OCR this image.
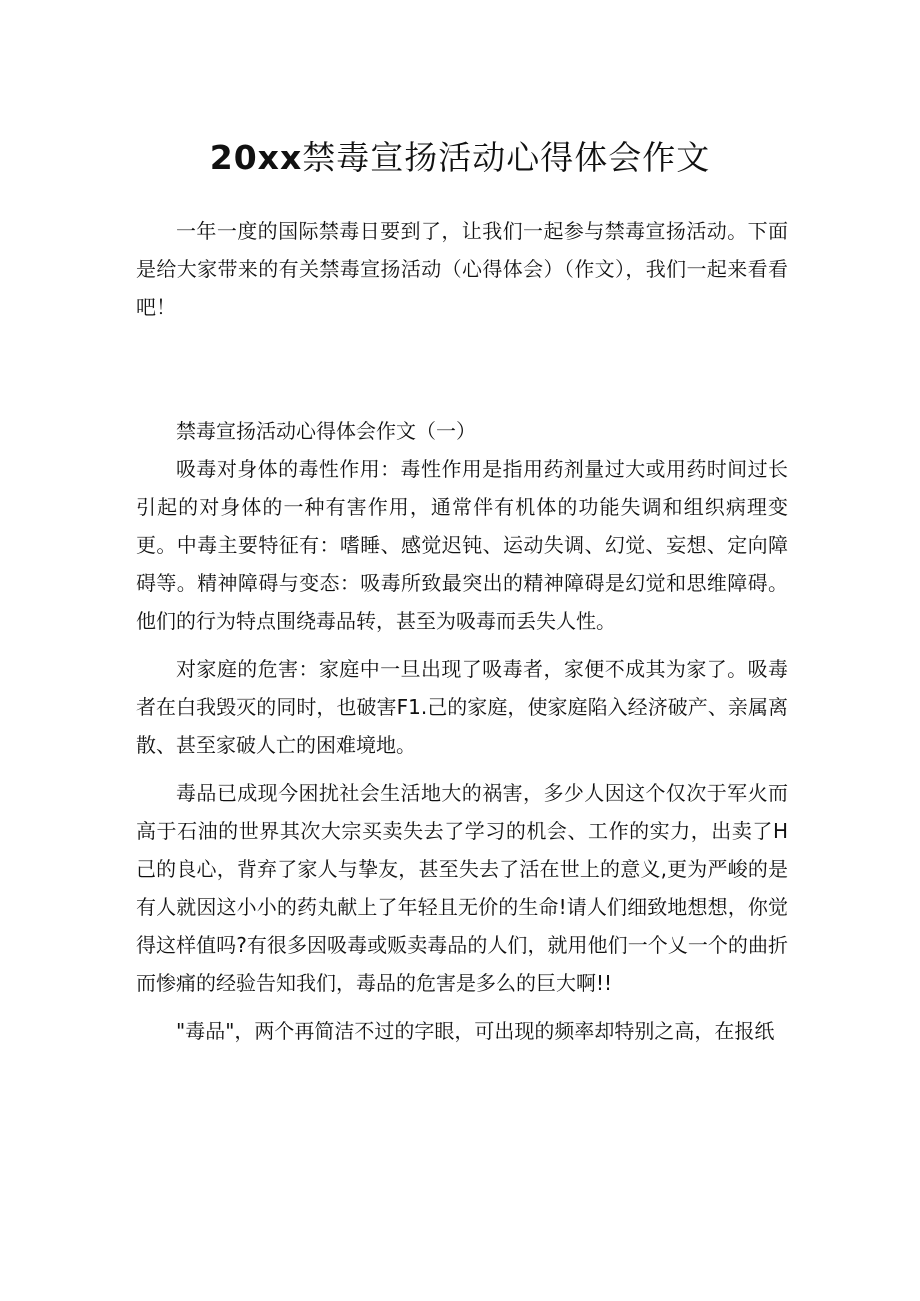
20xx禁毒宣扬活动心得体会作文

一年一度的国际禁毒日要到了，让我们一起参与禁毒宣扬活动。下面是给大家带来的有关禁毒宣扬活动（心得体会）（作文），我们一起来看看吧！

禁毒宣扬活动心得体会作文（一）

吸毒对身体的毒性作用：毒性作用是指用药剂量过大或用药时间过长引起的对身体的一种有害作用，通常伴有机体的功能失调和组织病理变更。中毒主要特征有：嗜睡、感觉迟钝、运动失调、幻觉、妄想、定向障碍等。精神障碍与变态：吸毒所致最突出的精神障碍是幻觉和思维障碍。他们的行为特点围绕毒品转，甚至为吸毒而丢失人性。

对家庭的危害：家庭中一旦出现了吸毒者，家便不成其为家了。吸毒者在白我毁灭的同时，也破害F1.己的家庭，使家庭陷入经济破产、亲属离散、甚至家破人亡的困难境地。

毒品已成现今困扰社会生活地大的祸害，多少人因这个仅次于军火而高于石油的世界其次大宗买卖失去了学习的机会、工作的实力，出卖了H己的良心，背弃了家人与挚友，甚至失去了活在世上的意义,更为严峻的是有人就因这小小的药丸献上了年轻且无价的生命!请人们细致地想想，你觉得这样值吗?有很多因吸毒或贩卖毒品的人们，就用他们一个乂一个的曲折而惨痛的经验告知我们，毒品的危害是多么的巨大啊!!

"毒品"，两个再简洁不过的字眼，可出现的频率却特别之高，在报纸
